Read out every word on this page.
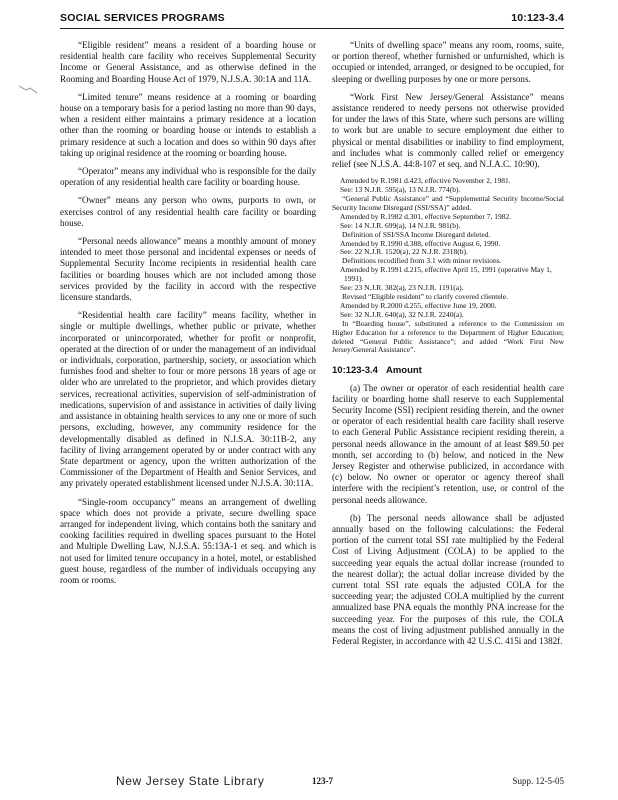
SOCIAL SERVICES PROGRAMS	10:123-3.4

“Eligible resident” means a resident of a boarding house or residential health care facility who receives Supplemental Security Income or General Assistance, and as otherwise defined in the Rooming and Boarding House Act of 1979, N.J.S.A. 30:1A and 11A.

“Limited tenure” means residence at a rooming or boarding house on a temporary basis for a period lasting no more than 90 days, when a resident either maintains a primary residence at a location other than the rooming or boarding house or intends to establish a primary residence at such a location and does so within 90 days after taking up original residence at the rooming or boarding house.

“Operator” means any individual who is responsible for the daily operation of any residential health care facility or boarding house.

“Owner” means any person who owns, purports to own, or exercises control of any residential health care facility or boarding house.

“Personal needs allowance” means a monthly amount of money intended to meet those personal and incidental expenses or needs of Supplemental Security Income recipients in residential health care facilities or boarding houses which are not included among those services provided by the facility in accord with the respective licensure standards.

“Residential health care facility” means facility, whether in single or multiple dwellings, whether public or private, whether incorporated or unincorporated, whether for profit or nonprofit, operated at the direction of or under the management of an individual or individuals, corporation, partnership, society, or association which furnishes food and shelter to four or more persons 18 years of age or older who are unrelated to the proprietor, and which provides dietary services, recreational activities, supervision of self-administration of medications, supervision of and assistance in activities of daily living and assistance in obtaining health services to any one or more of such persons, excluding, however, any community residence for the developmentally disabled as defined in N.J.S.A. 30:11B-2, any facility of living arrangement operated by or under contract with any State department or agency, upon the written authorization of the Commissioner of the Department of Health and Senior Services, and any privately operated establishment licensed under N.J.S.A. 30:11A.

“Single-room occupancy” means an arrangement of dwelling space which does not provide a private, secure dwelling space arranged for independent living, which contains both the sanitary and cooking facilities required in dwelling spaces pursuant to the Hotel and Multiple Dwelling Law, N.J.S.A. 55:13A-1 et seq. and which is not used for limited tenure occupancy in a hotel, motel, or established guest house, regardless of the number of individuals occupying any room or rooms.

“Units of dwelling space” means any room, rooms, suite, or portion thereof, whether furnished or unfurnished, which is occupied or intended, arranged, or designed to be occupied, for sleeping or dwelling purposes by one or more persons.

“Work First New Jersey/General Assistance” means assistance rendered to needy persons not otherwise provided for under the laws of this State, where such persons are willing to work but are unable to secure employment due either to physical or mental disabilities or inability to find employment, and includes what is commonly called relief or emergency relief (see N.J.S.A. 44:8-107 et seq. and N.J.A.C. 10:90).

Amended by R.1981 d.423, effective November 2, 1981.
See: 13 N.J.R. 595(a), 13 N.J.R. 774(b).
“General Public Assistance” and “Supplemental Security Income/Social Security Income Disregard (SSI/SSA)” added.
Amended by R.1982 d.301, effective September 7, 1982.
See: 14 N.J.R. 699(a), 14 N.J.R. 981(b).
Definition of SSI/SSA Income Disregard deleted.
Amended by R.1990 d.388, effective August 6, 1990.
See: 22 N.J.R. 1520(a), 22 N.J.R. 2318(b).
Definitions recodified from 3.1 with minor revisions.
Amended by R.1991 d.215, effective April 15, 1991 (operative May 1, 1991).
See: 23 N.J.R. 382(a), 23 N.J.R. 1191(a).
Revised “Eligible resident” to clarify covered clientele.
Amended by R.2000 d.255, effective June 19, 2000.
See: 32 N.J.R. 640(a), 32 N.J.R. 2240(a).
In “Boarding house”, substituted a reference to the Commission on Higher Education for a reference to the Department of Higher Education; deleted “General Public Assistance”; and added “Work First New Jersey/General Assistance”.
10:123-3.4 Amount

(a) The owner or operator of each residential health care facility or boarding home shall reserve to each Supplemental Security Income (SSI) recipient residing therein, and the owner or operator of each residential health care facility shall reserve to each General Public Assistance recipient residing therein, a personal needs allowance in the amount of at least $89.50 per month, set according to (b) below, and noticed in the New Jersey Register and otherwise publicized, in accordance with (c) below. No owner or operator or agency thereof shall interfere with the recipient’s retention, use, or control of the personal needs allowance.

(b) The personal needs allowance shall be adjusted annually based on the following calculations: the Federal portion of the current total SSI rate multiplied by the Federal Cost of Living Adjustment (COLA) to be applied to the succeeding year equals the actual dollar increase (rounded to the nearest dollar); the actual dollar increase divided by the current total SSI rate equals the adjusted COLA for the succeeding year; the adjusted COLA multiplied by the current annualized base PNA equals the monthly PNA increase for the succeeding year. For the purposes of this rule, the COLA means the cost of living adjustment published annually in the Federal Register, in accordance with 42 U.S.C. 415i and 1382f.

New Jersey State Library	123-7	Supp. 12-5-05
